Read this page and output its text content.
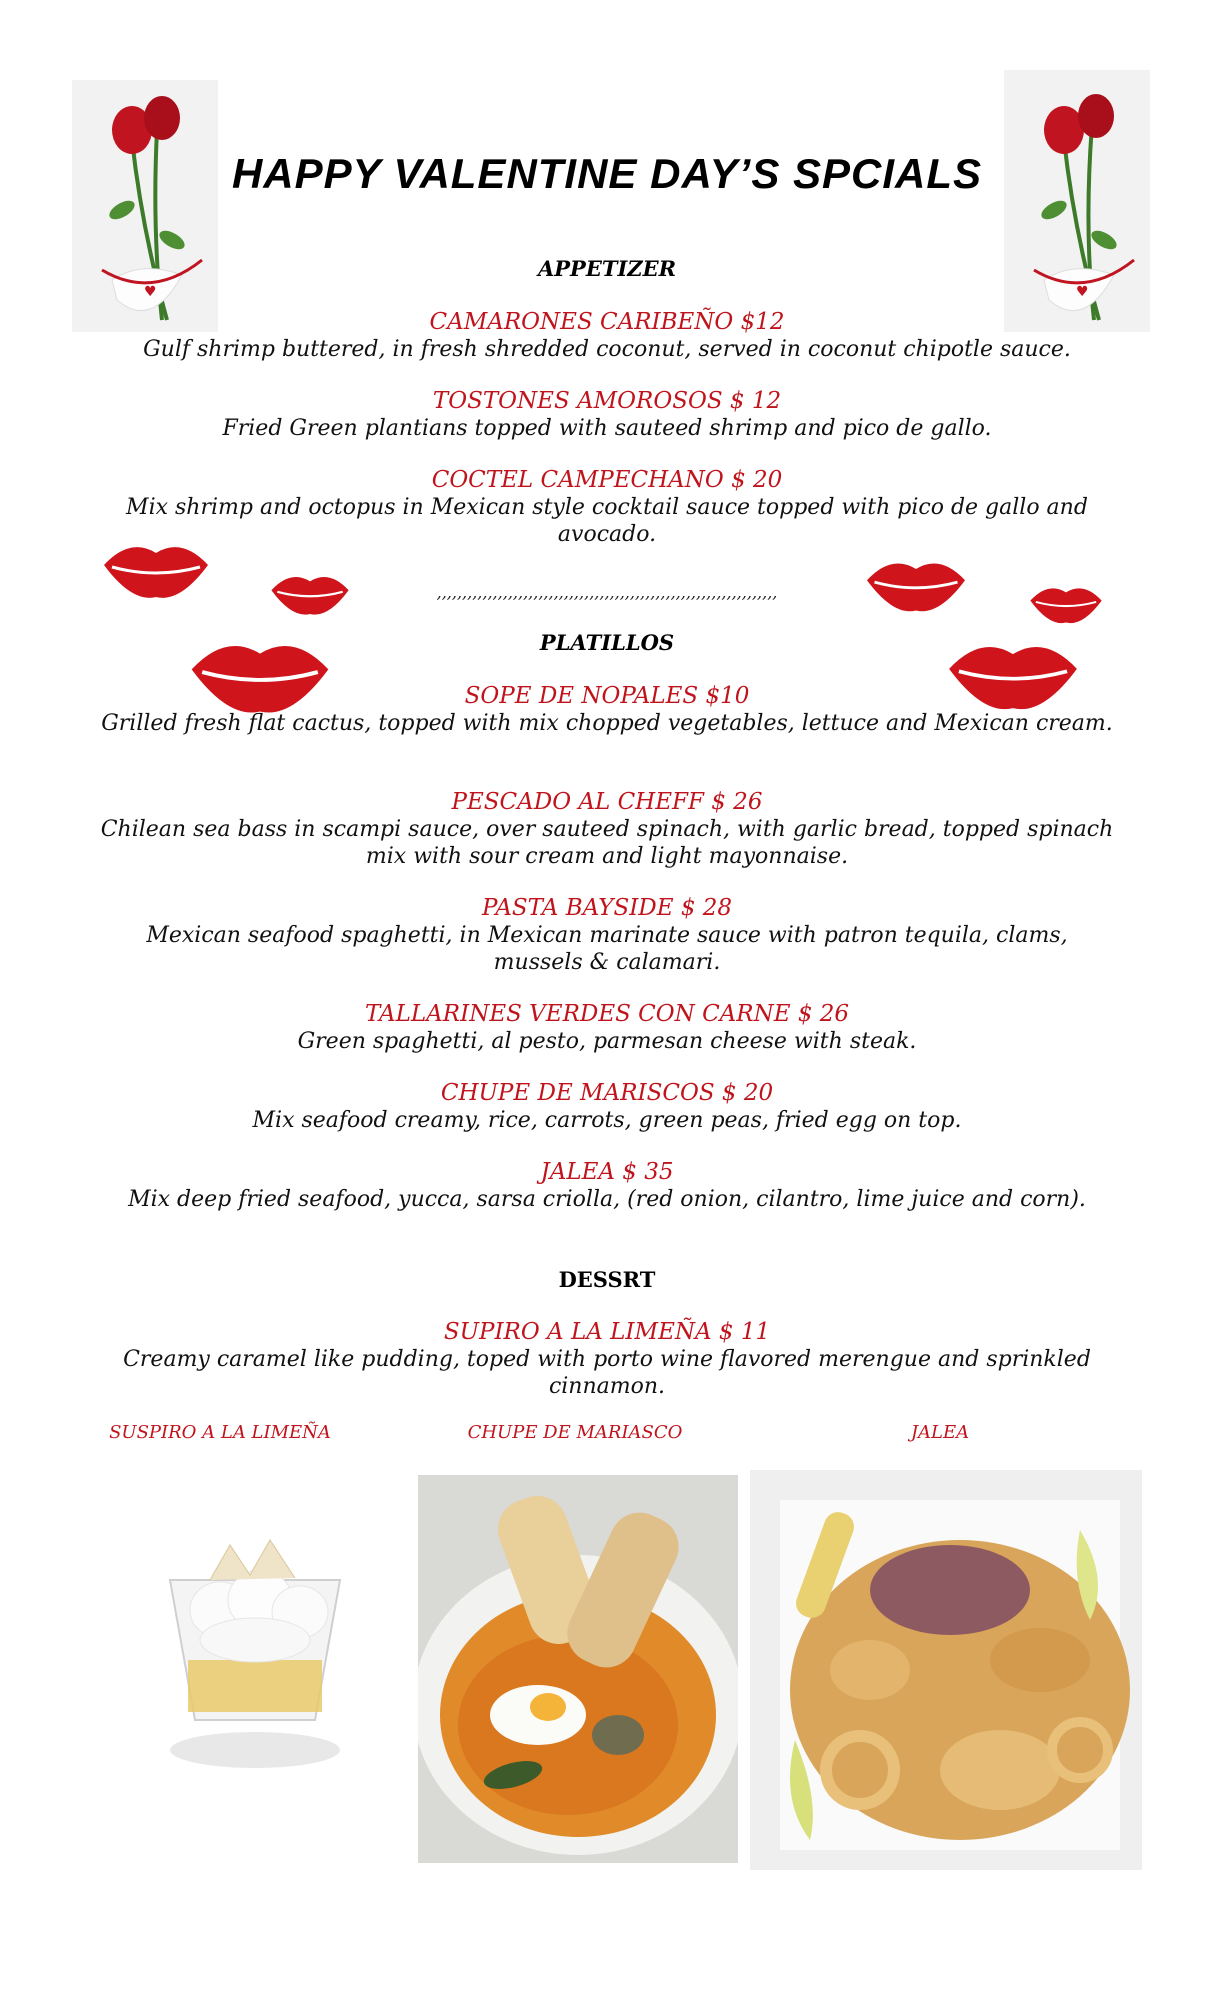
♥	♥
HAPPY VALENTINE DAY’S SPCIALS
APPETIZER
CAMARONES CARIBEÑO $12
Gulf shrimp buttered, in fresh shredded coconut, served in coconut chipotle sauce.
TOSTONES AMOROSOS $ 12
Fried Green plantians topped with sauteed shrimp and pico de gallo.
COCTEL CAMPECHANO $ 20
Mix shrimp and octopus in Mexican style cocktail sauce topped with pico de gallo and avocado.
,,,,,,,,,,,,,,,,,,,,,,,,,,,,,,,,,,,,,,,,,,,,,,,,,,,,,,,,,,,,,,,,,,,
PLATILLOS
SOPE DE NOPALES $10
Grilled fresh flat cactus, topped with mix chopped vegetables, lettuce and Mexican cream.
PESCADO AL CHEFF $ 26
Chilean sea bass in scampi sauce, over sauteed spinach, with garlic bread, topped spinach mix with sour cream and light mayonnaise.
PASTA BAYSIDE $ 28
Mexican seafood spaghetti, in Mexican marinate sauce with patron tequila, clams, mussels & calamari.
TALLARINES VERDES CON CARNE $ 26
Green spaghetti, al pesto, parmesan cheese with steak.
CHUPE DE MARISCOS $ 20
Mix seafood creamy, rice, carrots, green peas, fried egg on top.
JALEA $ 35
Mix deep fried seafood, yucca, sarsa criolla, (red onion, cilantro, lime juice and corn).
DESSRT
SUPIRO A LA LIMEÑA $ 11
Creamy caramel like pudding, toped with porto wine flavored merengue and sprinkled cinnamon.
SUSPIRO A LA LIMEÑA	CHUPE DE MARIASCO	JALEA
